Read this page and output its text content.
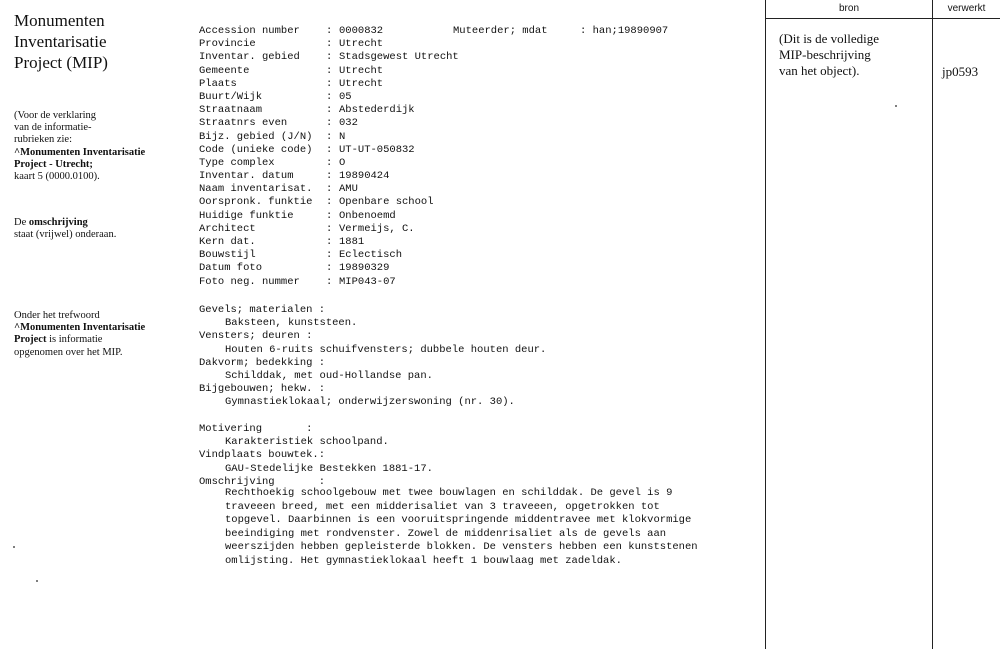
Monumenten
Inventarisatie
Project (MIP)
(Voor de verklaring
van de informatie-
rubrieken zie:
^Monumenten Inventarisatie
Project - Utrecht;
kaart 5 (0000.0100).
De omschrijving
staat (vrijwel) onderaan.
Onder het trefwoord
^Monumenten Inventarisatie
Project is informatie
opgenomen over het MIP.
Accession number	: 0000832
Provincie	: Utrecht
Inventar. gebied	: Stadsgewest Utrecht
Gemeente	: Utrecht
Plaats	: Utrecht
Buurt/Wijk	: 05
Straatnaam	: Abstederdijk
Straatnrs even	: 032
Bijz. gebied (J/N)	: N
Code (unieke code)	: UT-UT-050832
Type complex	: O
Inventar. datum	: 19890424
Naam inventarisat.	: AMU
Oorspronk. funktie	: Openbare school
Huidige funktie	: Onbenoemd
Architect	: Vermeijs, C.
Kern dat.	: 1881
Bouwstijl	: Eclectisch
Datum foto	: 19890329
Foto neg. nummer	: MIP043-07
Muteerder; mdat	: han;19890907
Gevels; materialen :
Baksteen, kunststeen.
Vensters; deuren :
Houten 6-ruits schuifvensters; dubbele houten deur.
Dakvorm; bedekking :
Schilddak, met oud-Hollandse pan.
Bijgebouwen; hekw. :
Gymnastieklokaal; onderwijzerswoning (nr. 30).
Motivering       :
Karakteristiek schoolpand.
Vindplaats bouwtek.:
GAU-Stedelijke Bestekken 1881-17.
Omschrijving       :
Rechthoekig schoolgebouw met twee bouwlagen en schilddak. De gevel is 9
traveeen breed, met een midderisaliet van 3 traveeen, opgetrokken tot
topgevel. Daarbinnen is een vooruitspringende middentravee met klokvormige
beeindiging met rondvenster. Zowel de middenrisaliet als de gevels aan
weerszijden hebben gepleisterde blokken. De vensters hebben een kunststenen
omlijsting. Het gymnastieklokaal heeft 1 bouwlaag met zadeldak.
bron	verwerkt
(Dit is de volledige
MIP-beschrijving
van het object).	jp0593
